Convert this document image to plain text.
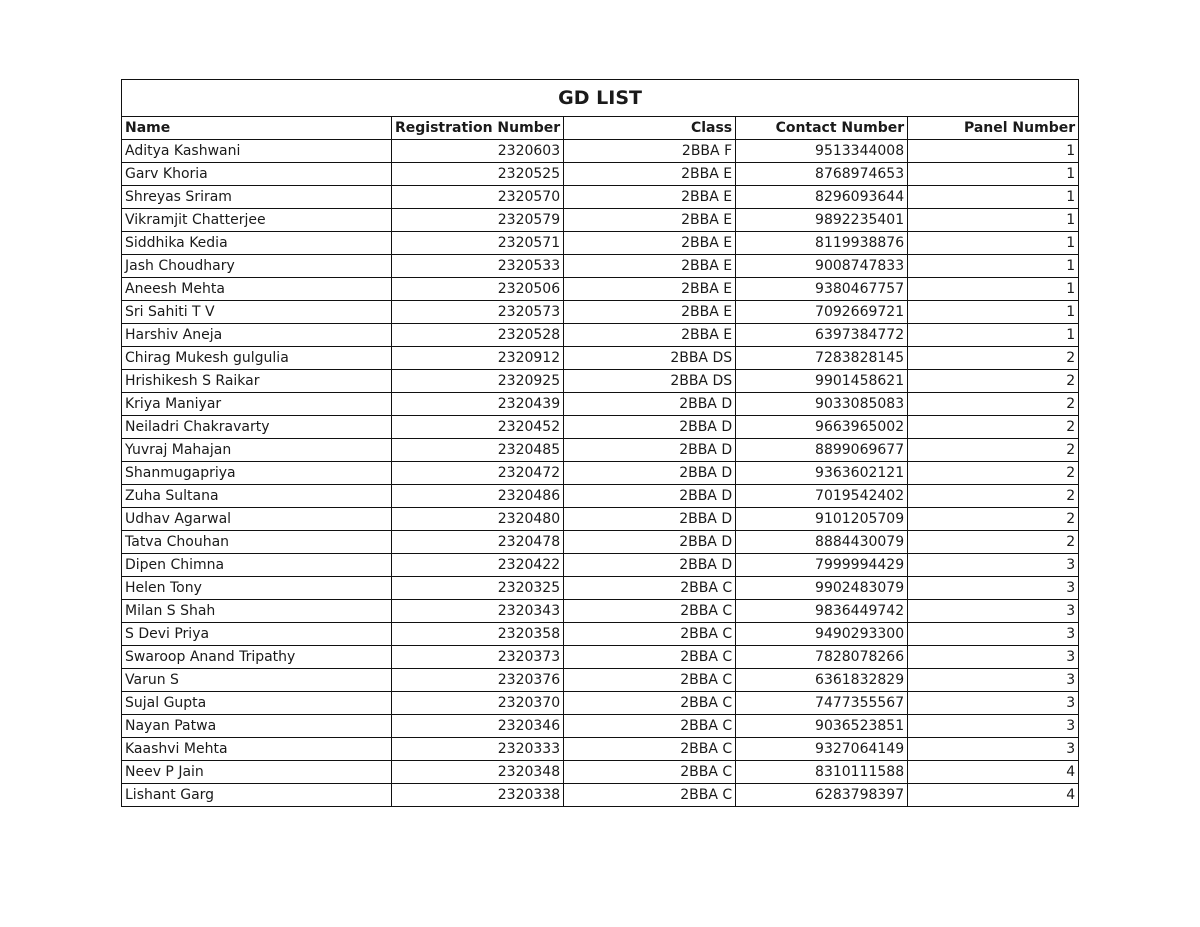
GD LIST				
Name	Registration Number	Class	Contact Number	Panel Number
Aditya Kashwani	2320603	2BBA F	9513344008	1
Garv Khoria	2320525	2BBA E	8768974653	1
Shreyas Sriram	2320570	2BBA E	8296093644	1
Vikramjit Chatterjee	2320579	2BBA E	9892235401	1
Siddhika Kedia	2320571	2BBA E	8119938876	1
Jash Choudhary	2320533	2BBA E	9008747833	1
Aneesh Mehta	2320506	2BBA E	9380467757	1
Sri Sahiti T V	2320573	2BBA E	7092669721	1
Harshiv Aneja	2320528	2BBA E	6397384772	1
Chirag Mukesh gulgulia	2320912	2BBA DS	7283828145	2
Hrishikesh S Raikar	2320925	2BBA DS	9901458621	2
Kriya Maniyar	2320439	2BBA D	9033085083	2
Neiladri Chakravarty	2320452	2BBA D	9663965002	2
Yuvraj Mahajan	2320485	2BBA D	8899069677	2
Shanmugapriya	2320472	2BBA D	9363602121	2
Zuha Sultana	2320486	2BBA D	7019542402	2
Udhav Agarwal	2320480	2BBA D	9101205709	2
Tatva Chouhan	2320478	2BBA D	8884430079	2
Dipen Chimna	2320422	2BBA D	7999994429	3
Helen Tony	2320325	2BBA C	9902483079	3
Milan S Shah	2320343	2BBA C	9836449742	3
S Devi Priya	2320358	2BBA C	9490293300	3
Swaroop Anand Tripathy	2320373	2BBA C	7828078266	3
Varun S	2320376	2BBA C	6361832829	3
Sujal Gupta	2320370	2BBA C	7477355567	3
Nayan Patwa	2320346	2BBA C	9036523851	3
Kaashvi Mehta	2320333	2BBA C	9327064149	3
Neev P Jain	2320348	2BBA C	8310111588	4
Lishant Garg	2320338	2BBA C	6283798397	4
